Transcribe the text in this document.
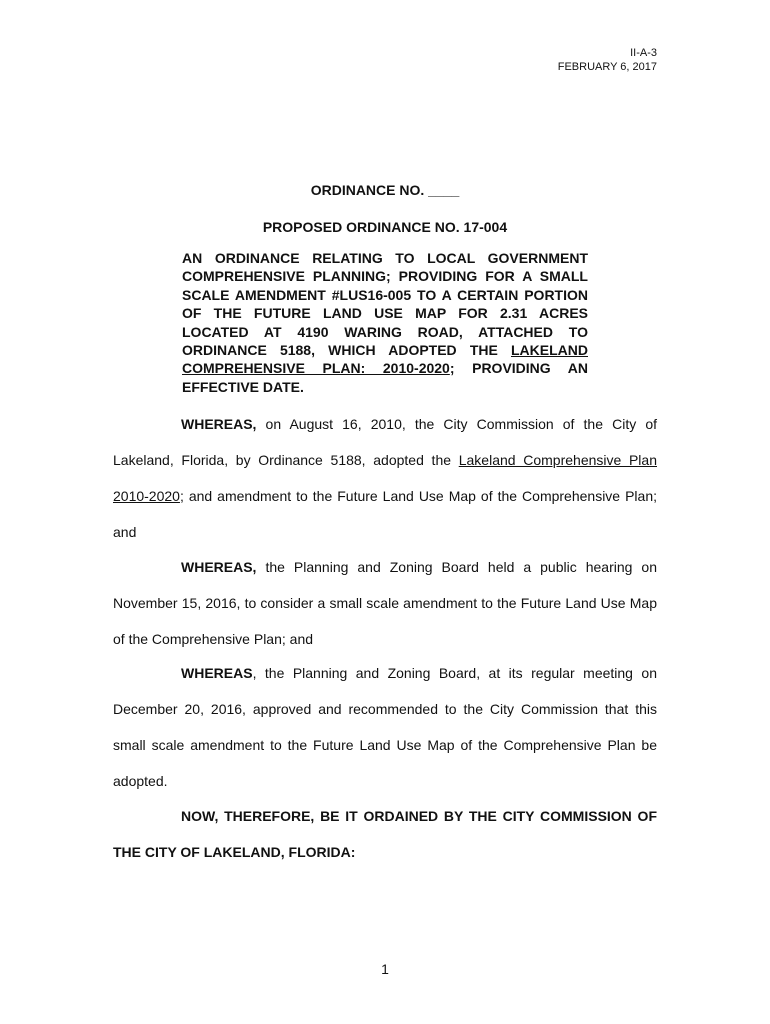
II-A-3
FEBRUARY 6, 2017
ORDINANCE NO. ____
PROPOSED ORDINANCE NO. 17-004
AN ORDINANCE RELATING TO LOCAL GOVERNMENT COMPREHENSIVE PLANNING; PROVIDING FOR A SMALL SCALE AMENDMENT #LUS16-005 TO A CERTAIN PORTION OF THE FUTURE LAND USE MAP FOR 2.31 ACRES LOCATED AT 4190 WARING ROAD, ATTACHED TO ORDINANCE 5188, WHICH ADOPTED THE LAKELAND COMPREHENSIVE PLAN: 2010-2020; PROVIDING AN EFFECTIVE DATE.
WHEREAS, on August 16, 2010, the City Commission of the City of Lakeland, Florida, by Ordinance 5188, adopted the Lakeland Comprehensive Plan 2010-2020; and amendment to the Future Land Use Map of the Comprehensive Plan; and
WHEREAS, the Planning and Zoning Board held a public hearing on November 15, 2016, to consider a small scale amendment to the Future Land Use Map of the Comprehensive Plan; and
WHEREAS, the Planning and Zoning Board, at its regular meeting on December 20, 2016, approved and recommended to the City Commission that this small scale amendment to the Future Land Use Map of the Comprehensive Plan be adopted.
NOW, THEREFORE, BE IT ORDAINED BY THE CITY COMMISSION OF THE CITY OF LAKELAND, FLORIDA:
1
